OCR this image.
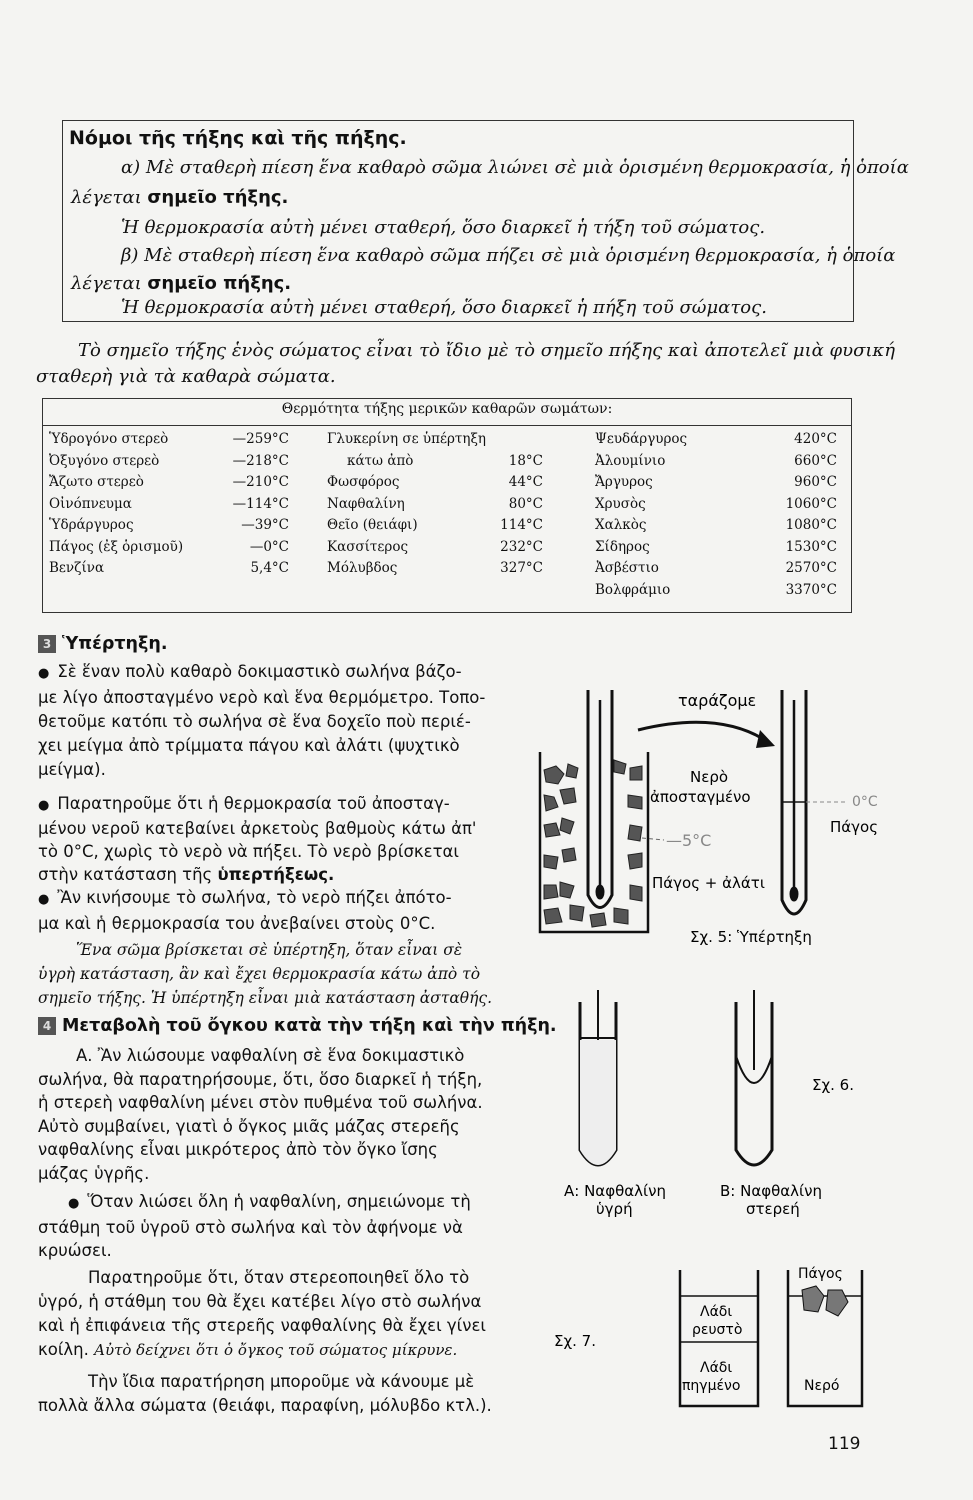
Νόμοι τῆς τήξης καὶ τῆς πήξης.
α) Μὲ σταθερὴ πίεση ἕνα καθαρὸ σῶμα λιώνει σὲ μιὰ ὁρισμένη θερμοκρασία, ἡ ὁποία
λέγεται σημεῖο τήξης.
Ἡ θερμοκρασία αὐτὴ μένει σταθερή, ὅσο διαρκεῖ ἡ τήξη τοῦ σώματος.
β) Μὲ σταθερὴ πίεση ἕνα καθαρὸ σῶμα πήζει σὲ μιὰ ὁρισμένη θερμοκρασία, ἡ ὁποία
λέγεται σημεῖο πήξης.
Ἡ θερμοκρασία αὐτὴ μένει σταθερή, ὅσο διαρκεῖ ἡ πήξη τοῦ σώματος.
Τὸ σημεῖο τήξης ἑνὸς σώματος εἶναι τὸ ἴδιο μὲ τὸ σημεῖο πήξης καὶ ἀποτελεῖ μιὰ φυσική
σταθερὴ γιὰ τὰ καθαρὰ σώματα.
Θερμότητα τήξης μερικῶν καθαρῶν σωμάτων:
Ὑδρογόνο στερεὸ
Ὀξυγόνο στερεὸ
Ἄζωτο στερεὸ
Οἰνόπνευμα
Ὑδράργυρος
Πάγος (ἐξ ὁρισμοῦ)
Βενζίνα
—259°C
—218°C
—210°C
—114°C
—39°C
—0°C
5,4°C
Γλυκερίνη σε ὑπέρτηξη
κάτω ἀπὸ
Φωσφόρος
Ναφθαλίνη
Θεῖο (θειάφι)
Κασσίτερος
Μόλυβδος
18°C
44°C
80°C
114°C
232°C
327°C
Ψευδάργυρος
Ἀλουμίνιο
Ἄργυρος
Χρυσὸς
Χαλκὸς
Σίδηρος
Ἀσβέστιο
Βολφράμιο
420°C
660°C
960°C
1060°C
1080°C
1530°C
2570°C
3370°C
3 Ὑπέρτηξη.
● Σὲ ἕναν πολὺ καθαρὸ δοκιμαστικὸ σωλήνα βάζο-
με λίγο ἀποσταγμένο νερὸ καὶ ἕνα θερμόμετρο. Τοπο-
θετοῦμε κατόπι τὸ σωλήνα σὲ ἕνα δοχεῖο ποὺ περιέ-
χει μείγμα ἀπὸ τρίμματα πάγου καὶ ἀλάτι (ψυχτικὸ
μείγμα).
● Παρατηροῦμε ὅτι ἡ θερμοκρασία τοῦ ἀποσταγ-
μένου νεροῦ κατεβαίνει ἀρκετοὺς βαθμοὺς κάτω ἀπ'
τὸ 0°C, χωρὶς τὸ νερὸ νὰ πήξει. Τὸ νερὸ βρίσκεται
στὴν κατάσταση τῆς ὑπερτήξεως.
● Ἂν κινήσουμε τὸ σωλήνα, τὸ νερὸ πήζει ἀπότο-
μα καὶ ἡ θερμοκρασία του ἀνεβαίνει στοὺς 0°C.
Ἕνα σῶμα βρίσκεται σὲ ὑπέρτηξη, ὅταν εἶναι σὲ
ὑγρὴ κατάσταση, ἂν καὶ ἔχει θερμοκρασία κάτω ἀπὸ τὸ
σημεῖο τήξης. Ἡ ὑπέρτηξη εἶναι μιὰ κατάσταση ἀσταθής.
4 Μεταβολὴ τοῦ ὄγκου κατὰ τὴν τήξη καὶ τὴν πήξη.
Α. Ἂν λιώσουμε ναφθαλίνη σὲ ἕνα δοκιμαστικὸ
σωλήνα, θὰ παρατηρήσουμε, ὅτι, ὅσο διαρκεῖ ἡ τήξη,
ἡ στερεὴ ναφθαλίνη μένει στὸν πυθμένα τοῦ σωλήνα.
Αὐτὸ συμβαίνει, γιατὶ ὁ ὄγκος μιᾶς μάζας στερεῆς
ναφθαλίνης εἶναι μικρότερος ἀπὸ τὸν ὄγκο ἴσης
μάζας ὑγρῆς.
● Ὅταν λιώσει ὅλη ἡ ναφθαλίνη, σημειώνομε τὴ
στάθμη τοῦ ὑγροῦ στὸ σωλήνα καὶ τὸν ἀφήνομε νὰ
κρυώσει.
Παρατηροῦμε ὅτι, ὅταν στερεοποιηθεῖ ὅλο τὸ
ὑγρό, ἡ στάθμη του θὰ ἔχει κατέβει λίγο στὸ σωλήνα
καὶ ἡ ἐπιφάνεια τῆς στερεῆς ναφθαλίνης θὰ ἔχει γίνει
κοίλη. Αὐτὸ δείχνει ὅτι ὁ ὄγκος τοῦ σώματος μίκρυνε.
Τὴν ἴδια παρατήρηση μποροῦμε νὰ κάνουμε μὲ
πολλὰ ἄλλα σώματα (θειάφι, παραφίνη, μόλυβδο κτλ.).
—5°C
ταράζομε
0°C
Νερὸ
ἀποσταγμένο
Πάγος
Πάγος + ἀλάτι
Σχ. 5: Ὑπέρτηξη
Σχ. 6.
Α: Ναφθαλίνη
ὑγρή
Β: Ναφθαλίνη
στερεή
Σχ. 7.
Λάδι
ρευστὸ
Λάδι
πηγμένο
Πάγος
Νερό
119
